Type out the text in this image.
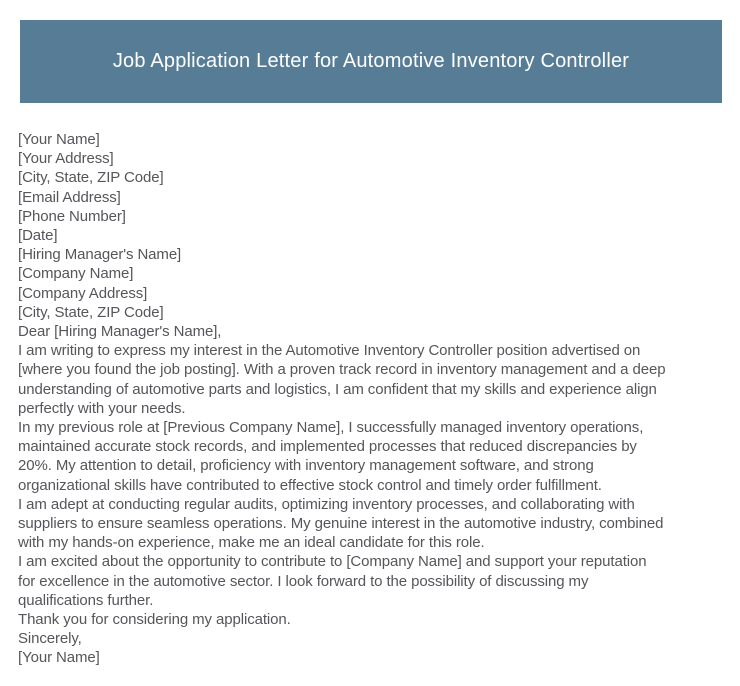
Job Application Letter for Automotive Inventory Controller
[Your Name]
[Your Address]
[City, State, ZIP Code]
[Email Address]
[Phone Number]
[Date]
[Hiring Manager's Name]
[Company Name]
[Company Address]
[City, State, ZIP Code]
Dear [Hiring Manager's Name],
I am writing to express my interest in the Automotive Inventory Controller position advertised on
[where you found the job posting]. With a proven track record in inventory management and a deep
understanding of automotive parts and logistics, I am confident that my skills and experience align
perfectly with your needs.
In my previous role at [Previous Company Name], I successfully managed inventory operations,
maintained accurate stock records, and implemented processes that reduced discrepancies by
20%. My attention to detail, proficiency with inventory management software, and strong
organizational skills have contributed to effective stock control and timely order fulfillment.
I am adept at conducting regular audits, optimizing inventory processes, and collaborating with
suppliers to ensure seamless operations. My genuine interest in the automotive industry, combined
with my hands-on experience, make me an ideal candidate for this role.
I am excited about the opportunity to contribute to [Company Name] and support your reputation
for excellence in the automotive sector. I look forward to the possibility of discussing my
qualifications further.
Thank you for considering my application.
Sincerely,
[Your Name]
